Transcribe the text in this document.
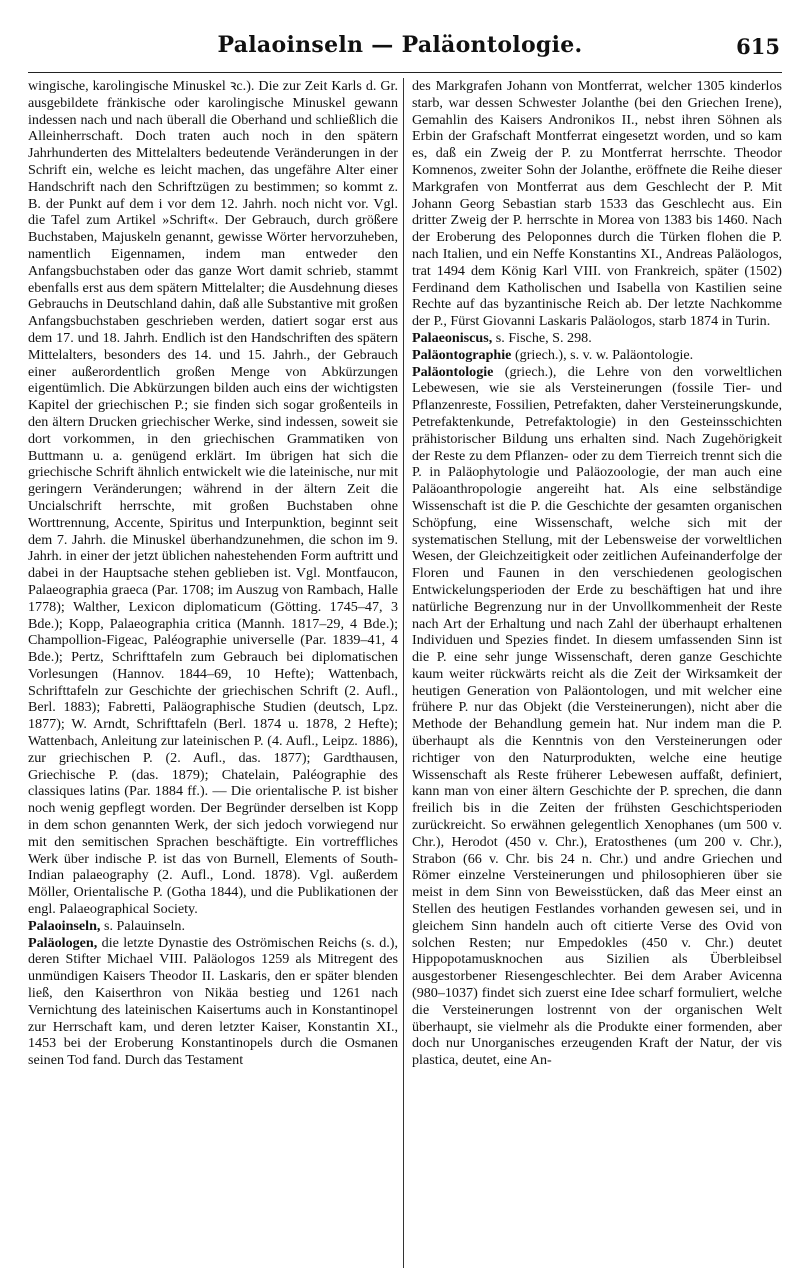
Palaoinseln — Paläontologie.	615

wingische, karolingische Minuskel ꝛc.). Die zur Zeit Karls d. Gr. ausgebildete fränkische oder karolingische Minuskel gewann indessen nach und nach überall die Oberhand und schließlich die Alleinherrschaft. Doch traten auch noch in den spätern Jahrhunderten des Mittelalters bedeutende Veränderungen in der Schrift ein, welche es leicht machen, das ungefähre Alter einer Handschrift nach den Schriftzügen zu bestimmen; so kommt z. B. der Punkt auf dem i vor dem 12. Jahrh. noch nicht vor. Vgl. die Tafel zum Artikel »Schrift«. Der Gebrauch, durch größere Buchstaben, Majuskeln genannt, gewisse Wörter hervorzuheben, namentlich Eigennamen, indem man entweder den Anfangsbuchstaben oder das ganze Wort damit schrieb, stammt ebenfalls erst aus dem spätern Mittelalter; die Ausdehnung dieses Gebrauchs in Deutschland dahin, daß alle Substantive mit großen Anfangsbuchstaben geschrieben werden, datiert sogar erst aus dem 17. und 18. Jahrh. Endlich ist den Handschriften des spätern Mittelalters, besonders des 14. und 15. Jahrh., der Gebrauch einer außerordentlich großen Menge von Abkürzungen eigentümlich. Die Abkürzungen bilden auch eins der wichtigsten Kapitel der griechischen P.; sie finden sich sogar großenteils in den ältern Drucken griechischer Werke, sind indessen, soweit sie dort vorkommen, in den griechischen Grammatiken von Buttmann u. a. genügend erklärt. Im übrigen hat sich die griechische Schrift ähnlich entwickelt wie die lateinische, nur mit geringern Veränderungen; während in der ältern Zeit die Uncialschrift herrschte, mit großen Buchstaben ohne Worttrennung, Accente, Spiritus und Interpunktion, beginnt seit dem 7. Jahrh. die Minuskel überhandzunehmen, die schon im 9. Jahrh. in einer der jetzt üblichen nahestehenden Form auftritt und dabei in der Hauptsache stehen geblieben ist. Vgl. Montfaucon, Palaeographia graeca (Par. 1708; im Auszug von Rambach, Halle 1778); Walther, Lexicon diplomaticum (Götting. 1745–47, 3 Bde.); Kopp, Palaeographia critica (Mannh. 1817–29, 4 Bde.); Champollion-Figeac, Paléographie universelle (Par. 1839–41, 4 Bde.); Pertz, Schrifttafeln zum Gebrauch bei diplomatischen Vorlesungen (Hannov. 1844–69, 10 Hefte); Wattenbach, Schrifttafeln zur Geschichte der griechischen Schrift (2. Aufl., Berl. 1883); Fabretti, Paläographische Studien (deutsch, Lpz. 1877); W. Arndt, Schrifttafeln (Berl. 1874 u. 1878, 2 Hefte); Wattenbach, Anleitung zur lateinischen P. (4. Aufl., Leipz. 1886), zur griechischen P. (2. Aufl., das. 1877); Gardthausen, Griechische P. (das. 1879); Chatelain, Paléographie des classiques latins (Par. 1884 ff.). — Die orientalische P. ist bisher noch wenig gepflegt worden. Der Begründer derselben ist Kopp in dem schon genannten Werk, der sich jedoch vorwiegend nur mit den semitischen Sprachen beschäftigte. Ein vortreffliches Werk über indische P. ist das von Burnell, Elements of South-Indian palaeography (2. Aufl., Lond. 1878). Vgl. außerdem Möller, Orientalische P. (Gotha 1844), und die Publikationen der engl. Palaeographical Society.

Palaoinseln, s. Palauinseln.

Paläologen, die letzte Dynastie des Oströmischen Reichs (s. d.), deren Stifter Michael VIII. Paläologos 1259 als Mitregent des unmündigen Kaisers Theodor II. Laskaris, den er später blenden ließ, den Kaiserthron von Nikäa bestieg und 1261 nach Vernichtung des lateinischen Kaisertums auch in Konstantinopel zur Herrschaft kam, und deren letzter Kaiser, Konstantin XI., 1453 bei der Eroberung Konstantinopels durch die Osmanen seinen Tod fand. Durch das Testament

des Markgrafen Johann von Montferrat, welcher 1305 kinderlos starb, war dessen Schwester Jolanthe (bei den Griechen Irene), Gemahlin des Kaisers Andronikos II., nebst ihren Söhnen als Erbin der Grafschaft Montferrat eingesetzt worden, und so kam es, daß ein Zweig der P. zu Montferrat herrschte. Theodor Komnenos, zweiter Sohn der Jolanthe, eröffnete die Reihe dieser Markgrafen von Montferrat aus dem Geschlecht der P. Mit Johann Georg Sebastian starb 1533 das Geschlecht aus. Ein dritter Zweig der P. herrschte in Morea von 1383 bis 1460. Nach der Eroberung des Peloponnes durch die Türken flohen die P. nach Italien, und ein Neffe Konstantins XI., Andreas Paläologos, trat 1494 dem König Karl VIII. von Frankreich, später (1502) Ferdinand dem Katholischen und Isabella von Kastilien seine Rechte auf das byzantinische Reich ab. Der letzte Nachkomme der P., Fürst Giovanni Laskaris Paläologos, starb 1874 in Turin.

Palaeoniscus, s. Fische, S. 298.

Paläontographie (griech.), s. v. w. Paläontologie.

Paläontologie (griech.), die Lehre von den vorweltlichen Lebewesen, wie sie als Versteinerungen (fossile Tier- und Pflanzenreste, Fossilien, Petrefakten, daher Versteinerungskunde, Petrefaktenkunde, Petrefaktologie) in den Gesteinsschichten prähistorischer Bildung uns erhalten sind. Nach Zugehörigkeit der Reste zu dem Pflanzen- oder zu dem Tierreich trennt sich die P. in Paläophytologie und Paläozoologie, der man auch eine Paläoanthropologie angereiht hat. Als eine selbständige Wissenschaft ist die P. die Geschichte der gesamten organischen Schöpfung, eine Wissenschaft, welche sich mit der systematischen Stellung, mit der Lebensweise der vorweltlichen Wesen, der Gleichzeitigkeit oder zeitlichen Aufeinanderfolge der Floren und Faunen in den verschiedenen geologischen Entwickelungsperioden der Erde zu beschäftigen hat und ihre natürliche Begrenzung nur in der Unvollkommenheit der Reste nach Art der Erhaltung und nach Zahl der überhaupt erhaltenen Individuen und Spezies findet. In diesem umfassenden Sinn ist die P. eine sehr junge Wissenschaft, deren ganze Geschichte kaum weiter rückwärts reicht als die Zeit der Wirksamkeit der heutigen Generation von Paläontologen, und mit welcher eine frühere P. nur das Objekt (die Versteinerungen), nicht aber die Methode der Behandlung gemein hat. Nur indem man die P. überhaupt als die Kenntnis von den Versteinerungen oder richtiger von den Naturprodukten, welche eine heutige Wissenschaft als Reste früherer Lebewesen auffaßt, definiert, kann man von einer ältern Geschichte der P. sprechen, die dann freilich bis in die Zeiten der frühsten Geschichtsperioden zurückreicht. So erwähnen gelegentlich Xenophanes (um 500 v. Chr.), Herodot (450 v. Chr.), Eratosthenes (um 200 v. Chr.), Strabon (66 v. Chr. bis 24 n. Chr.) und andre Griechen und Römer einzelne Versteinerungen und philosophieren über sie meist in dem Sinn von Beweisstücken, daß das Meer einst an Stellen des heutigen Festlandes vorhanden gewesen sei, und in gleichem Sinn handeln auch oft citierte Verse des Ovid von solchen Resten; nur Empedokles (450 v. Chr.) deutet Hippopotamusknochen aus Sizilien als Überbleibsel ausgestorbener Riesengeschlechter. Bei dem Araber Avicenna (980–1037) findet sich zuerst eine Idee scharf formuliert, welche die Versteinerungen lostrennt von der organischen Welt überhaupt, sie vielmehr als die Produkte einer formenden, aber doch nur Unorganisches erzeugenden Kraft der Natur, der vis plastica, deutet, eine An-
